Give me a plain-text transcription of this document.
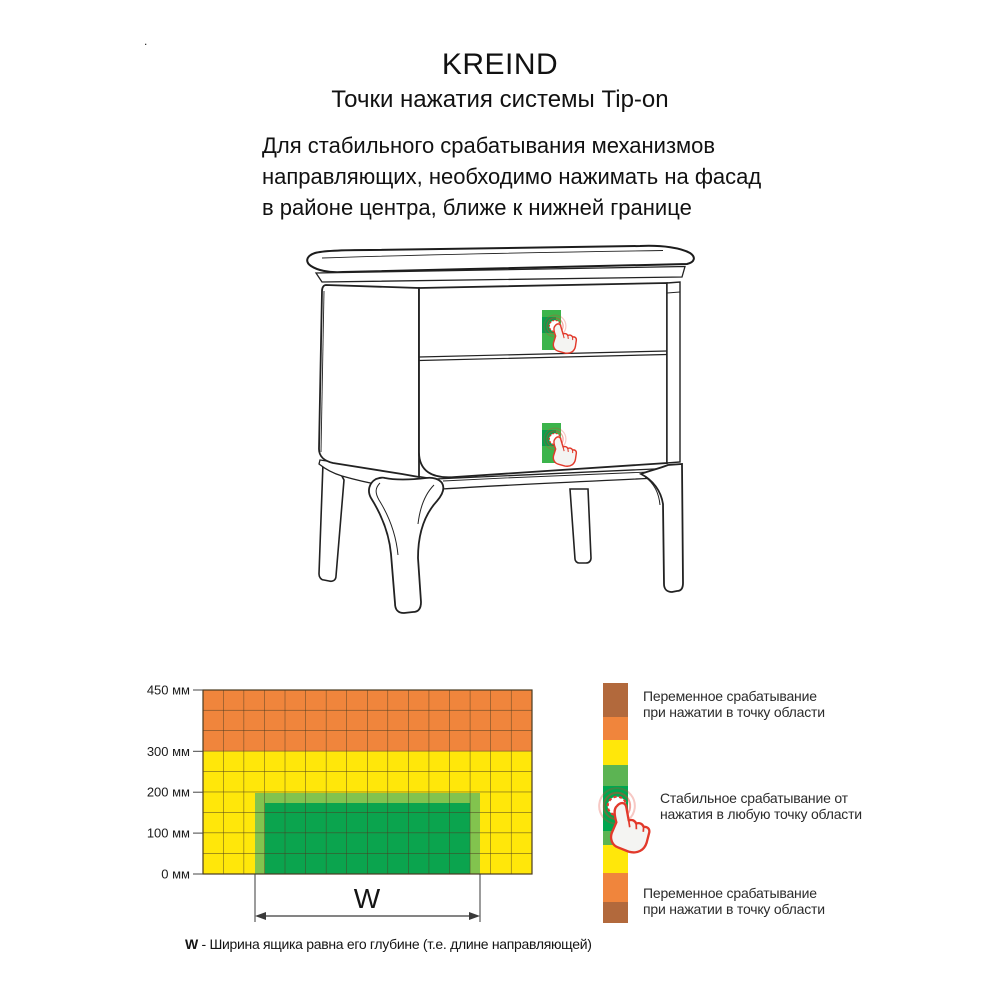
.
KREIND
Точки нажатия системы Tip-on
Для стабильного срабатывания механизмов
направляющих, необходимо нажимать на фасад
в районе центра, ближе к нижней границе
450 мм
300 мм
200 мм
100 мм
0 мм
W
Переменное срабатывание
при нажатии в точку области
Стабильное срабатывание от
нажатия в любую точку области
Переменное срабатывание
при нажатии в точку области
W - Ширина ящика равна его глубине (т.е. длине направляющей)
